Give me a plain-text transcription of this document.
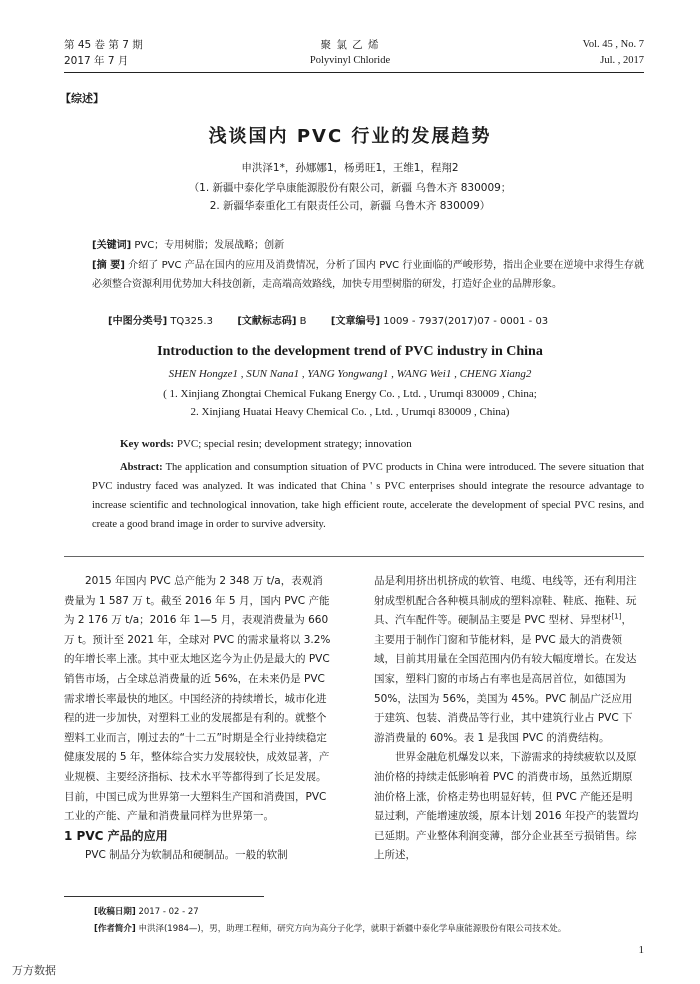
第 45 卷 第 7 期
2017 年 7 月
聚 氯 乙 烯
Polyvinyl Chloride
Vol. 45 , No. 7
Jul. , 2017
【综述】
浅谈国内 PVC 行业的发展趋势
申洪泽1*，孙娜娜1，杨勇旺1，王维1，程翔2
（1. 新疆中泰化学阜康能源股份有限公司，新疆 乌鲁木齐 830009；
2. 新疆华泰重化工有限责任公司，新疆 乌鲁木齐 830009）
[关键词] PVC；专用树脂；发展战略；创新
[摘 要] 介绍了 PVC 产品在国内的应用及消费情况，分析了国内 PVC 行业面临的严峻形势，指出企业要在逆境中求得生存就必须整合资源利用优势加大科技创新，走高端高效路线，加快专用型树脂的研发，打造好企业的品牌形象。
[中图分类号] TQ325.3 [文献标志码] B [文章编号] 1009 - 7937(2017)07 - 0001 - 03
Introduction to the development trend of PVC industry in China
SHEN Hongze1 , SUN Nana1 , YANG Yongwang1 , WANG Wei1 , CHENG Xiang2
( 1. Xinjiang Zhongtai Chemical Fukang Energy Co. , Ltd. , Urumqi 830009 , China;
2. Xinjiang Huatai Heavy Chemical Co. , Ltd. , Urumqi 830009 , China)
Key words: PVC; special resin; development strategy; innovation
Abstract: The application and consumption situation of PVC products in China were introduced. The severe situation that PVC industry faced was analyzed. It was indicated that China ' s PVC enterprises should integrate the resource advantage to increase scientific and technological innovation, take high efficient route, accelerate the development of special PVC resins, and create a good brand image in order to survive adversity.

2015 年国内 PVC 总产能为 2 348 万 t/a，表观消费量为 1 587 万 t。截至 2016 年 5 月，国内 PVC 产能为 2 176 万 t/a；2016 年 1—5 月，表观消费量为 660 万 t。预计至 2021 年，全球对 PVC 的需求量将以 3.2% 的年增长率上涨。其中亚太地区迄今为止仍是最大的 PVC 销售市场，占全球总消费量的近 56%，在未来仍是 PVC 需求增长率最快的地区。中国经济的持续增长，城市化进程的进一步加快，对塑料工业的发展都是有利的。就整个塑料工业而言，刚过去的“十二五”时期是全行业持续稳定健康发展的 5 年，整体综合实力发展较快，成效显著，产业规模、主要经济指标、技术水平等都得到了长足发展。目前，中国已成为世界第一大塑料生产国和消费国，PVC 工业的产能、产量和消费量同样为世界第一。

1 PVC 产品的应用

PVC 制品分为软制品和硬制品。一般的软制

品是利用挤出机挤成的软管、电缆、电线等，还有利用注射成型机配合各种模具制成的塑料凉鞋、鞋底、拖鞋、玩具、汽车配件等。硬制品主要是 PVC 型材、异型材[1]，主要用于制作门窗和节能材料，是 PVC 最大的消费领域，目前其用量在全国范围内仍有较大幅度增长。在发达国家，塑料门窗的市场占有率也是高居首位，如德国为 50%，法国为 56%，美国为 45%。PVC 制品广泛应用于建筑、包装、消费品等行业，其中建筑行业占 PVC 下游消费量的 60%。表 1 是我国 PVC 的消费结构。

世界金融危机爆发以来，下游需求的持续疲软以及原油价格的持续走低影响着 PVC 的消费市场，虽然近期原油价格上涨，价格走势也明显好转，但 PVC 产能还是明显过剩，产能增速放缓，原本计划 2016 年投产的装置均已延期。产业整体利润变薄，部分企业甚至亏损销售。综上所述，

[收稿日期] 2017 - 02 - 27
[作者简介] 申洪泽(1984—)，男，助理工程师，研究方向为高分子化学，就职于新疆中泰化学阜康能源股份有限公司技术处。
1
万方数据
